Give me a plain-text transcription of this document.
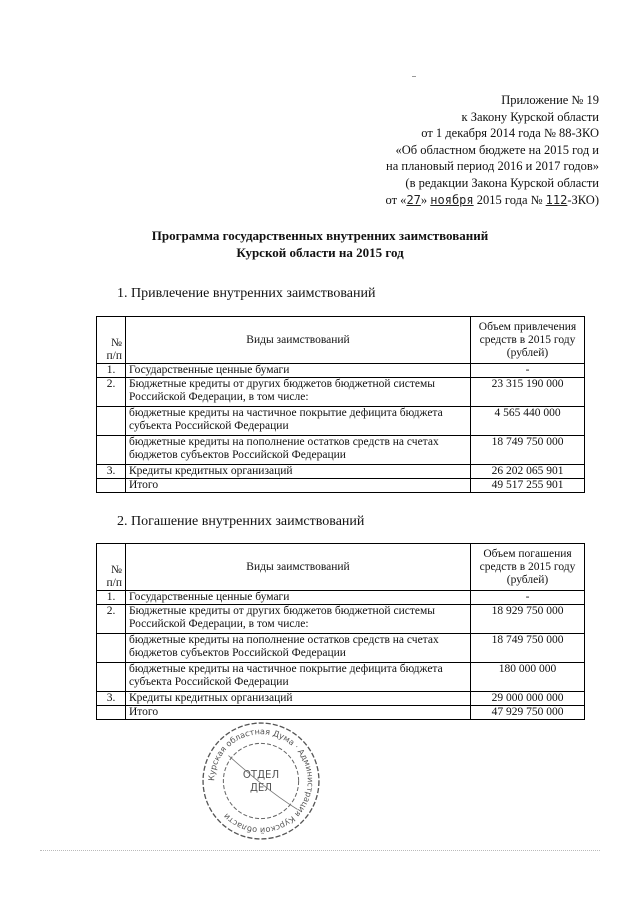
Приложение № 19
к Закону Курской области
от 1 декабря 2014 года № 88-ЗКО
«Об областном бюджете на 2015 год и
на плановый период 2016 и 2017 годов»
(в редакции Закона Курской области
от «27» ноября 2015 года № 112-ЗКО)
Программа государственных внутренних заимствований
Курской области на 2015 год
1. Привлечение внутренних заимствований
№
п/п	Виды заимствований	Объем привлечения средств в 2015 году (рублей)
1.	Государственные ценные бумаги	-
2.	Бюджетные кредиты от других бюджетов бюджетной системы Российской Федерации, в том числе:	23 315 190 000
	бюджетные кредиты на частичное покрытие дефицита бюджета субъекта Российской Федерации	4 565 440 000
	бюджетные кредиты на пополнение остатков средств на счетах бюджетов субъектов Российской Федерации	18 749 750 000
3.	Кредиты кредитных организаций	26 202 065 901
	Итого	49 517 255 901
2. Погашение внутренних заимствований
№
п/п	Виды заимствований	Объем погашения средств в 2015 году (рублей)
1.	Государственные ценные бумаги	-
2.	Бюджетные кредиты от других бюджетов бюджетной системы Российской Федерации, в том числе:	18 929 750 000
	бюджетные кредиты на пополнение остатков средств на счетах бюджетов субъектов Российской Федерации	18 749 750 000
	бюджетные кредиты на частичное покрытие дефицита бюджета субъекта Российской Федерации	180 000 000
3.	Кредиты кредитных организаций	29 000 000 000
	Итого	47 929 750 000
Курская областная Дума · Администрация Курской области
ОТДЕЛ
ДЕЛ
